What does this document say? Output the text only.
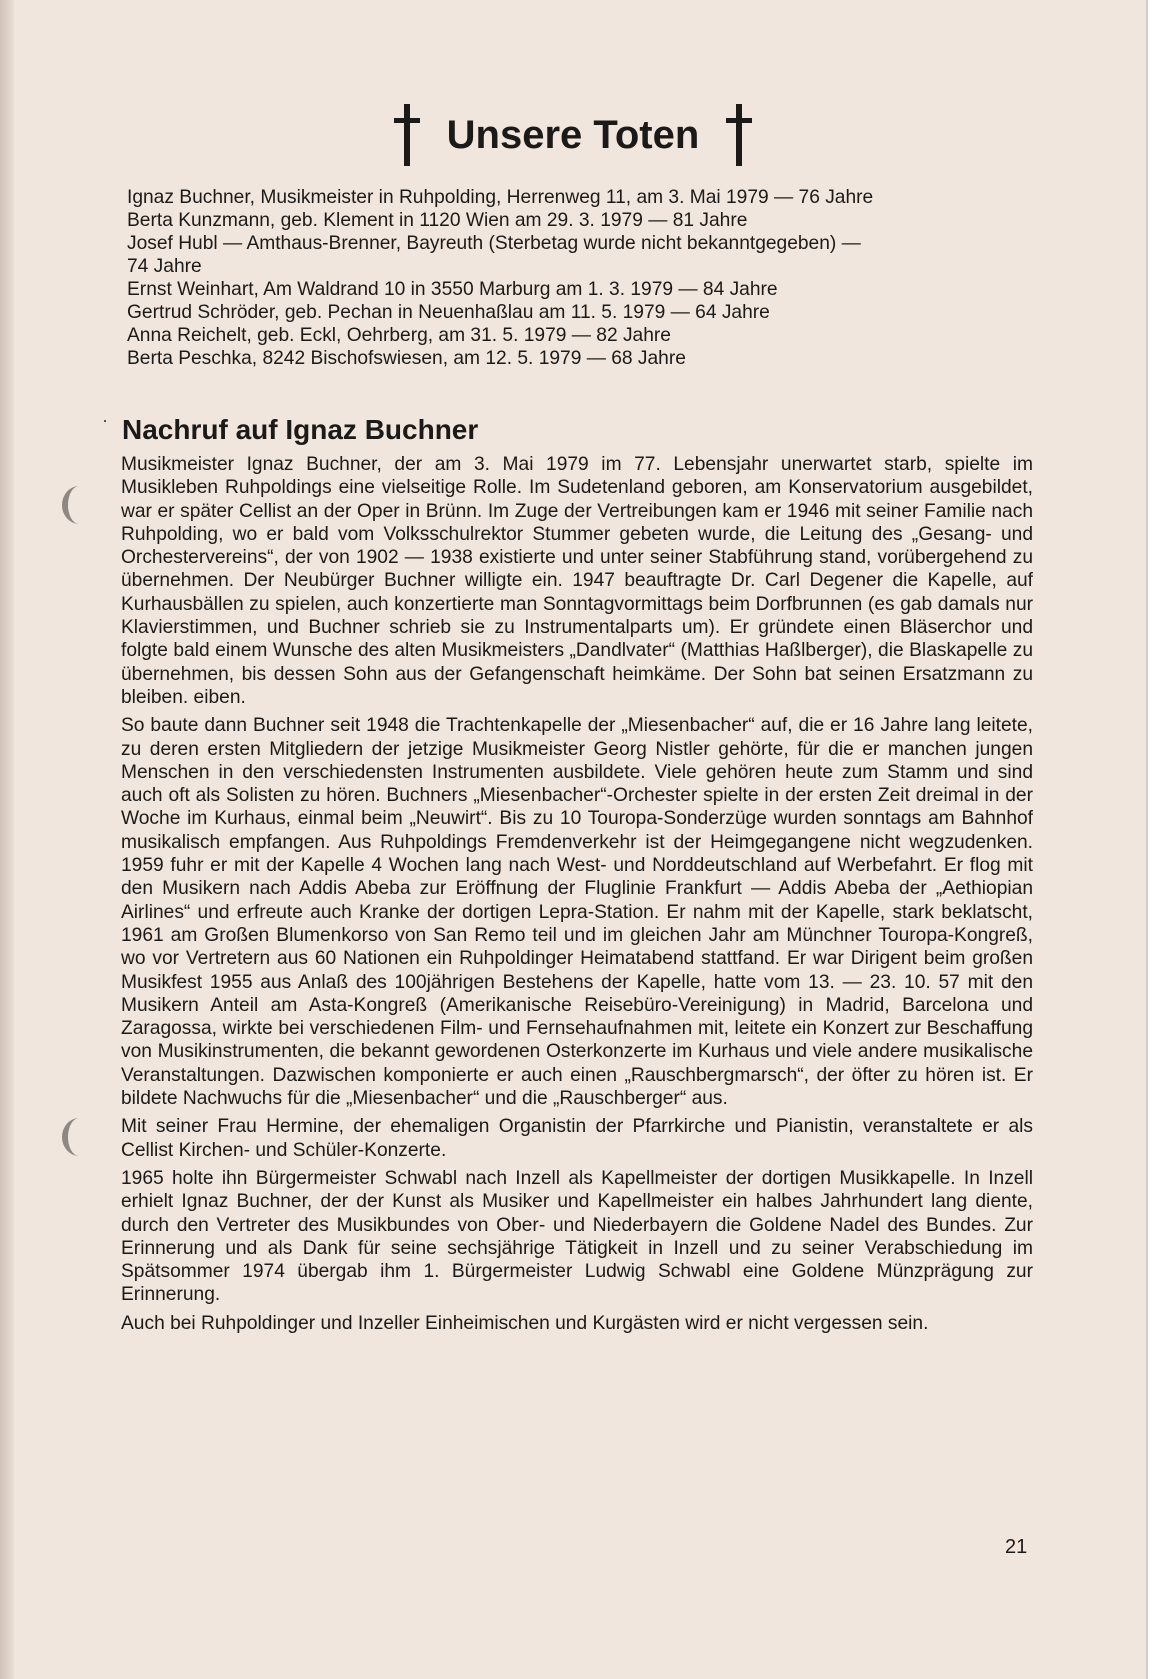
Unsere Toten

Ignaz Buchner, Musikmeister in Ruhpolding, Herrenweg 11, am 3. Mai 1979 — 76 Jahre

Berta Kunzmann, geb. Klement in 1120 Wien am 29. 3. 1979 — 81 Jahre

Josef Hubl — Amthaus-Brenner, Bayreuth (Sterbetag wurde nicht bekanntgegeben) —

74 Jahre

Ernst Weinhart, Am Waldrand 10 in 3550 Marburg am 1. 3. 1979 — 84 Jahre

Gertrud Schröder, geb. Pechan in Neuenhaßlau am 11. 5. 1979 — 64 Jahre

Anna Reichelt, geb. Eckl, Oehrberg, am 31. 5. 1979 — 82 Jahre

Berta Peschka, 8242 Bischofswiesen, am 12. 5. 1979 — 68 Jahre

Nachruf auf Ignaz Buchner

Musikmeister Ignaz Buchner, der am 3. Mai 1979 im 77. Lebensjahr unerwartet starb, spielte im Musikleben Ruhpoldings eine vielseitige Rolle. Im Sudetenland geboren, am Konservatorium ausgebildet, war er später Cellist an der Oper in Brünn. Im Zuge der Vertreibungen kam er 1946 mit seiner Familie nach Ruhpolding, wo er bald vom Volksschulrektor Stummer gebeten wurde, die Leitung des „Gesang- und Orchestervereins“, der von 1902 — 1938 existierte und unter seiner Stabführung stand, vorübergehend zu übernehmen. Der Neubürger Buchner willigte ein. 1947 beauftragte Dr. Carl Degener die Kapelle, auf Kurhausbällen zu spielen, auch konzertierte man Sonntagvormittags beim Dorfbrunnen (es gab damals nur Klavierstimmen, und Buchner schrieb sie zu Instrumentalparts um). Er gründete einen Bläserchor und folgte bald einem Wunsche des alten Musikmeisters „Dandlvater“ (Matthias Haßlberger), die Blaskapelle zu übernehmen, bis dessen Sohn aus der Gefangenschaft heimkäme. Der Sohn bat seinen Ersatzmann zu bleiben. eiben.

So baute dann Buchner seit 1948 die Trachtenkapelle der „Miesenbacher“ auf, die er 16 Jahre lang leitete, zu deren ersten Mitgliedern der jetzige Musikmeister Georg Nistler gehörte, für die er manchen jungen Menschen in den verschiedensten Instrumenten ausbildete. Viele gehören heute zum Stamm und sind auch oft als Solisten zu hören. Buchners „Miesenbacher“-Orchester spielte in der ersten Zeit dreimal in der Woche im Kurhaus, einmal beim „Neuwirt“. Bis zu 10 Touropa-Sonderzüge wurden sonntags am Bahnhof musikalisch empfangen. Aus Ruhpoldings Fremdenverkehr ist der Heimgegangene nicht wegzudenken. 1959 fuhr er mit der Kapelle 4 Wochen lang nach West- und Norddeutschland auf Werbefahrt. Er flog mit den Musikern nach Addis Abeba zur Eröffnung der Fluglinie Frankfurt — Addis Abeba der „Aethiopian Airlines“ und erfreute auch Kranke der dortigen Lepra-Station. Er nahm mit der Kapelle, stark beklatscht, 1961 am Großen Blumenkorso von San Remo teil und im gleichen Jahr am Münchner Touropa-Kongreß, wo vor Vertretern aus 60 Nationen ein Ruhpoldinger Heimatabend stattfand. Er war Dirigent beim großen Musikfest 1955 aus Anlaß des 100jährigen Bestehens der Kapelle, hatte vom 13. — 23. 10. 57 mit den Musikern Anteil am Asta-Kongreß (Amerikanische Reisebüro-Vereinigung) in Madrid, Barcelona und Zaragossa, wirkte bei verschiedenen Film- und Fernsehaufnahmen mit, leitete ein Konzert zur Beschaffung von Musikinstrumenten, die bekannt gewordenen Osterkonzerte im Kurhaus und viele andere musikalische Veranstaltungen. Dazwischen komponierte er auch einen „Rauschbergmarsch“, der öfter zu hören ist. Er bildete Nachwuchs für die „Miesenbacher“ und die „Rauschberger“ aus.

Mit seiner Frau Hermine, der ehemaligen Organistin der Pfarrkirche und Pianistin, veranstaltete er als Cellist Kirchen- und Schüler-Konzerte.

1965 holte ihn Bürgermeister Schwabl nach Inzell als Kapellmeister der dortigen Musikkapelle. In Inzell erhielt Ignaz Buchner, der der Kunst als Musiker und Kapellmeister ein halbes Jahrhundert lang diente, durch den Vertreter des Musikbundes von Ober- und Niederbayern die Goldene Nadel des Bundes. Zur Erinnerung und als Dank für seine sechsjährige Tätigkeit in Inzell und zu seiner Verabschiedung im Spätsommer 1974 übergab ihm 1. Bürgermeister Ludwig Schwabl eine Goldene Münzprägung zur Erinnerung.

Auch bei Ruhpoldinger und Inzeller Einheimischen und Kurgästen wird er nicht vergessen sein.

21
